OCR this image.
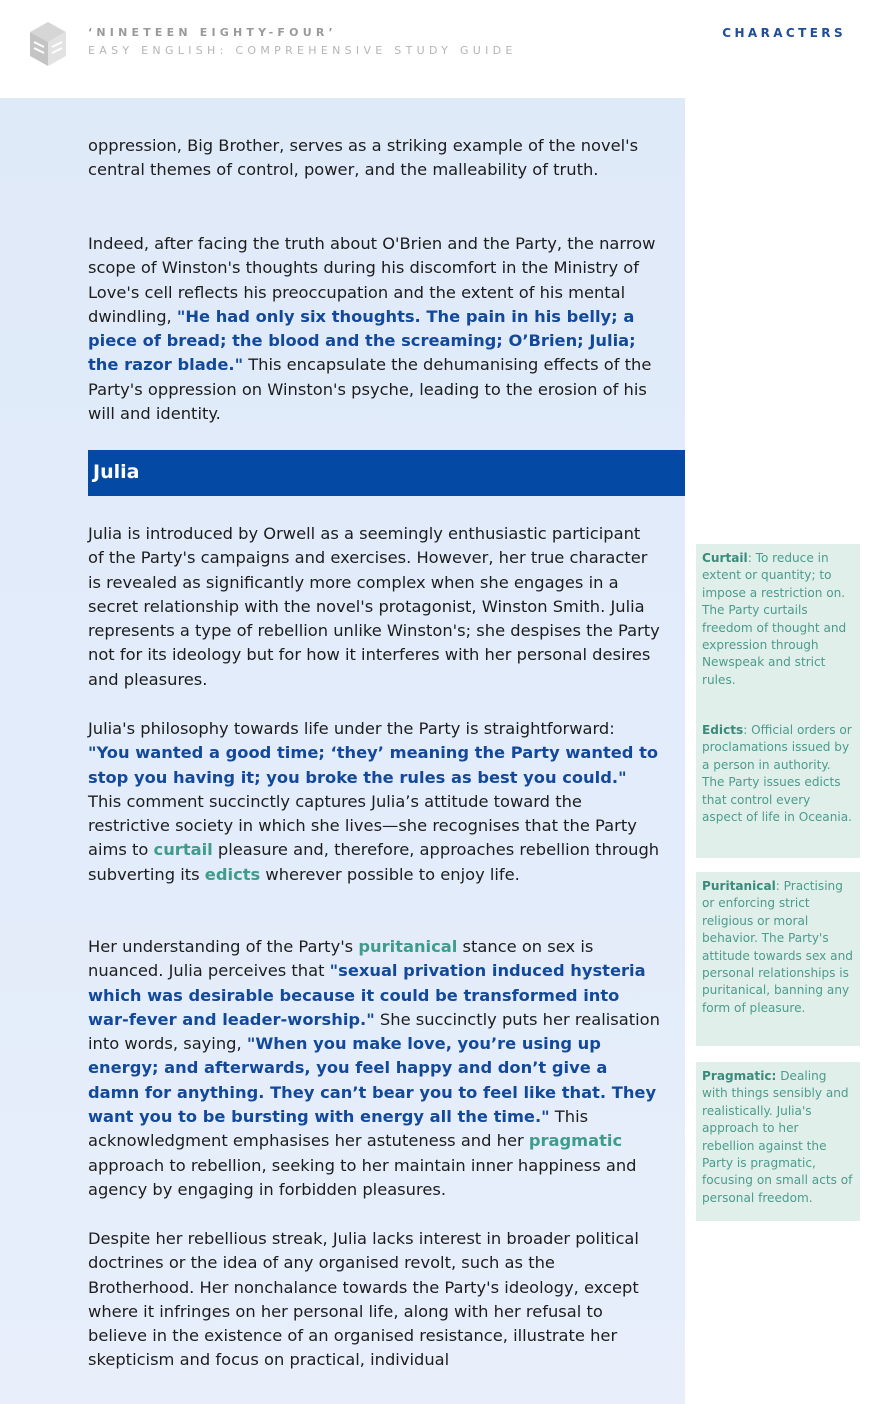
‘NINETEEN EIGHTY-FOUR’
EASY ENGLISH: COMPREHENSIVE STUDY GUIDE
CHARACTERS
oppression, Big Brother, serves as a striking example of the novel's central themes of control, power, and the malleability of truth.
Indeed, after facing the truth about O'Brien and the Party, the narrow scope of Winston's thoughts during his discomfort in the Ministry of Love's cell reflects his preoccupation and the extent of his mental dwindling, "He had only six thoughts. The pain in his belly; a piece of bread; the blood and the screaming; O’Brien; Julia; the razor blade." This encapsulate the dehumanising effects of the Party's oppression on Winston's psyche, leading to the erosion of his will and identity.
Julia
Julia is introduced by Orwell as a seemingly enthusiastic participant of the Party's campaigns and exercises. However, her true character is revealed as significantly more complex when she engages in a secret relationship with the novel's protagonist, Winston Smith. Julia represents a type of rebellion unlike Winston's; she despises the Party not for its ideology but for how it interferes with her personal desires and pleasures.
Julia's philosophy towards life under the Party is straightforward: "You wanted a good time; ‘they’ meaning the Party wanted to stop you having it; you broke the rules as best you could." This comment succinctly captures Julia’s attitude toward the restrictive society in which she lives—she recognises that the Party aims to curtail pleasure and, therefore, approaches rebellion through subverting its edicts wherever possible to enjoy life.
Her understanding of the Party's puritanical stance on sex is nuanced. Julia perceives that "sexual privation induced hysteria which was desirable because it could be transformed into war-fever and leader-worship." She succinctly puts her realisation into words, saying, "When you make love, you’re using up energy; and afterwards, you feel happy and don’t give a damn for anything. They can’t bear you to feel like that. They want you to be bursting with energy all the time." This acknowledgment emphasises her astuteness and her pragmatic approach to rebellion, seeking to her maintain inner happiness and agency by engaging in forbidden pleasures.
Despite her rebellious streak, Julia lacks interest in broader political doctrines or the idea of any organised revolt, such as the Brotherhood. Her nonchalance towards the Party's ideology, except where it infringes on her personal life, along with her refusal to believe in the existence of an organised resistance, illustrate her skepticism and focus on practical, individual
Curtail: To reduce in extent or quantity; to impose a restriction on. The Party curtails freedom of thought and expression through Newspeak and strict rules.
Edicts: Official orders or proclamations issued by a person in authority. The Party issues edicts that control every aspect of life in Oceania.
Puritanical: Practising or enforcing strict religious or moral behavior. The Party's attitude towards sex and personal relationships is puritanical, banning any form of pleasure.
Pragmatic: Dealing with things sensibly and realistically. Julia's approach to her rebellion against the Party is pragmatic, focusing on small acts of personal freedom.
